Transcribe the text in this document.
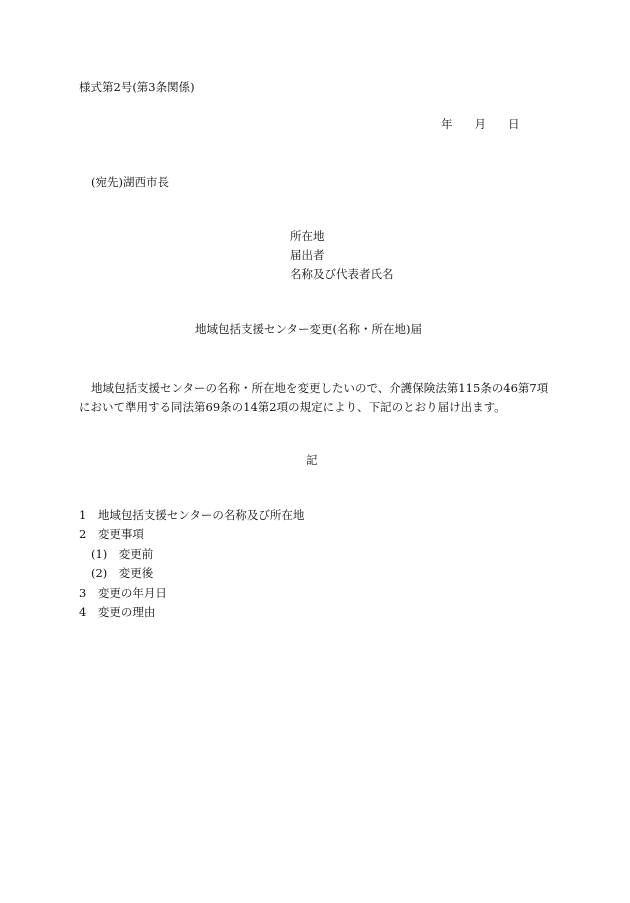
様式第2号(第3条関係)
年 月 日
(宛先)湖西市長
所在地
届出者
名称及び代表者氏名
地域包括支援センター変更(名称・所在地)届
地域包括支援センターの名称・所在地を変更したいので、介護保険法第115条の46第7項
において準用する同法第69条の14第2項の規定により、下記のとおり届け出ます。
記
1　地域包括支援センターの名称及び所在地
2　変更事項
(1)　変更前
(2)　変更後
3　変更の年月日
4　変更の理由
